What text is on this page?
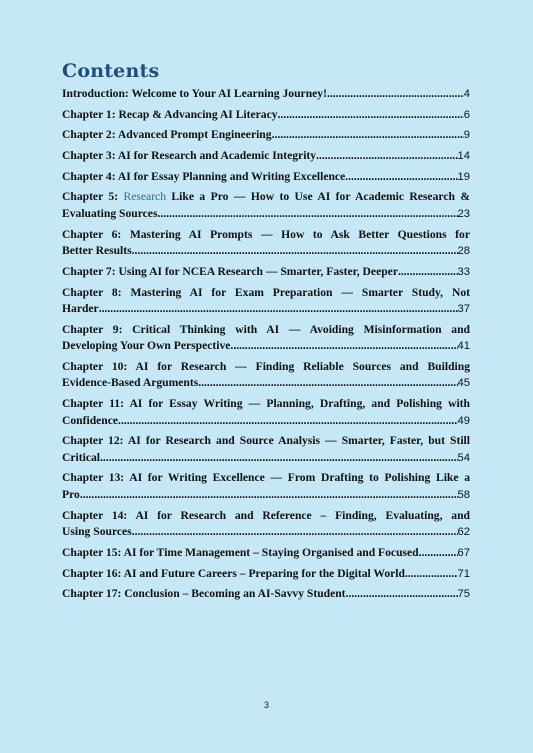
Contents
Introduction: Welcome to Your AI Learning Journey! .....	4
Chapter 1: Recap & Advancing AI Literacy .....	6
Chapter 2: Advanced Prompt Engineering .....	9
Chapter 3: AI for Research and Academic Integrity .....	14
Chapter 4: AI for Essay Planning and Writing Excellence .....	19
Chapter 5: Research Like a Pro — How to Use AI for Academic Research &
Evaluating Sources .....	23
Chapter 6: Mastering AI Prompts — How to Ask Better Questions for
Better Results .....	28
Chapter 7: Using AI for NCEA Research — Smarter, Faster, Deeper .....	33
Chapter 8: Mastering AI for Exam Preparation — Smarter Study, Not
Harder .....	37
Chapter 9: Critical Thinking with AI — Avoiding Misinformation and
Developing Your Own Perspective .....	41
Chapter 10: AI for Research — Finding Reliable Sources and Building
Evidence-Based Arguments .....	45
Chapter 11: AI for Essay Writing — Planning, Drafting, and Polishing with
Confidence .....	49
Chapter 12: AI for Research and Source Analysis — Smarter, Faster, but Still
Critical .....	54
Chapter 13: AI for Writing Excellence — From Drafting to Polishing Like a
Pro .....	58
Chapter 14: AI for Research and Reference – Finding, Evaluating, and
Using Sources .....	62
Chapter 15: AI for Time Management – Staying Organised and Focused .....	67
Chapter 16: AI and Future Careers – Preparing for the Digital World .....	71
Chapter 17: Conclusion – Becoming an AI-Savvy Student .....	75
3
